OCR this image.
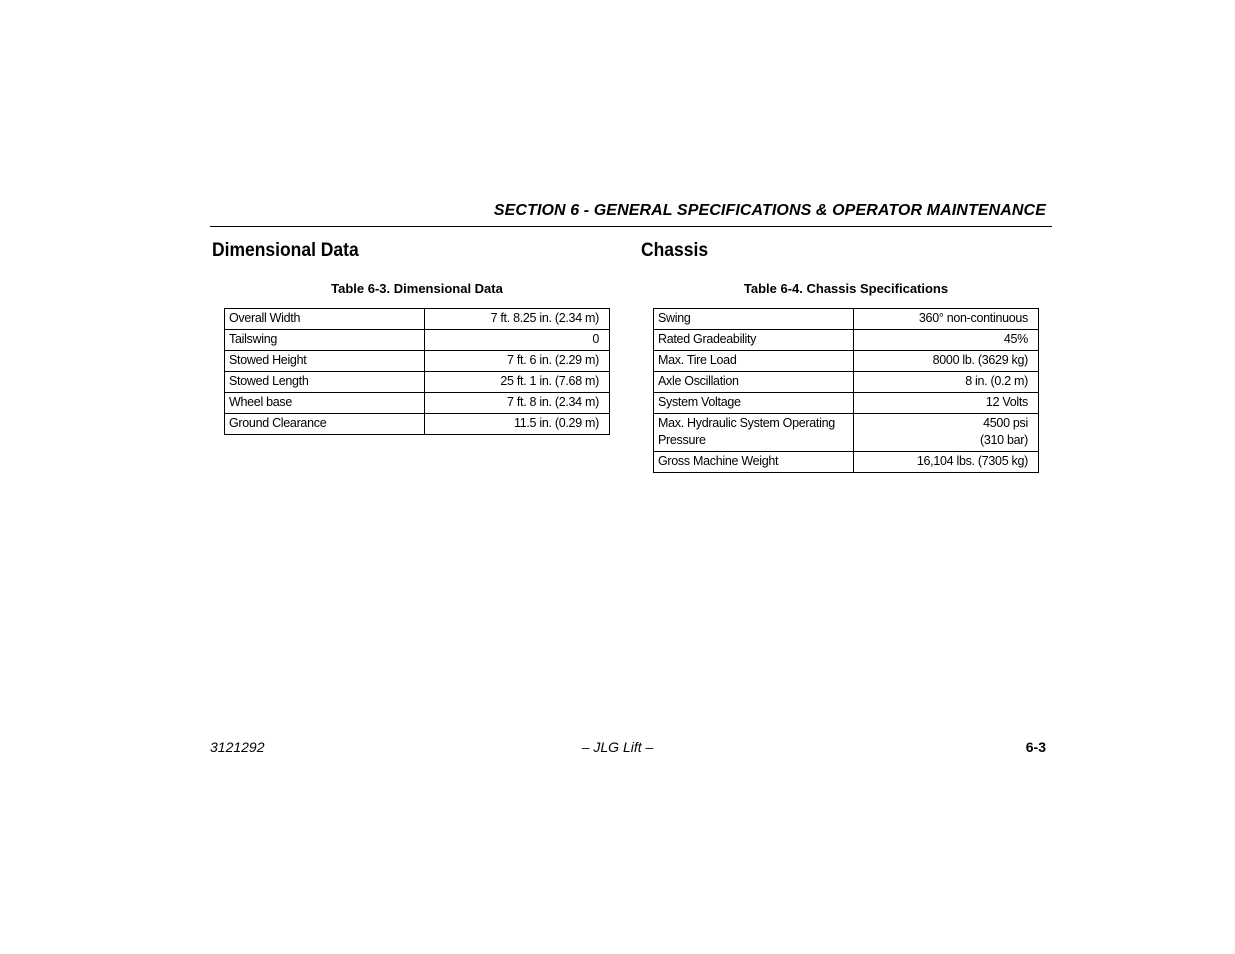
SECTION 6 - GENERAL SPECIFICATIONS & OPERATOR MAINTENANCE
Dimensional Data	Chassis
Table 6-3. Dimensional Data	Table 6-4. Chassis Specifications
Overall Width	7 ft. 8.25 in. (2.34 m)
Tailswing	0
Stowed Height	7 ft. 6 in. (2.29 m)
Stowed Length	25 ft. 1 in. (7.68 m)
Wheel base	7 ft. 8 in. (2.34 m)
Ground Clearance	11.5 in. (0.29 m)
Swing	360° non-continuous
Rated Gradeability	45%
Max. Tire Load	8000 lb. (3629 kg)
Axle Oscillation	8 in. (0.2 m)
System Voltage	12 Volts

Max. Hydraulic System Operating
Pressure	4500 psi
(310 bar)

Gross Machine Weight	16,104 lbs. (7305 kg)
3121292	– JLG Lift –	6-3
